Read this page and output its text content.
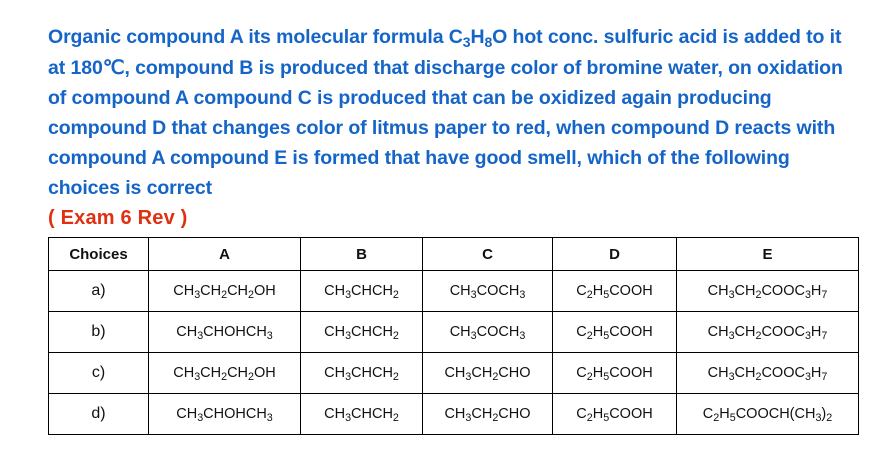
Organic compound A its molecular formula $C_3H_8O$ hot conc. sulfuric acid is added to it at 180℃, compound B is produced that discharge color of bromine water, on oxidation of compound A compound C is produced that can be oxidized again producing compound D that changes color of litmus paper to red, when compound D reacts with compound A compound E is formed that have good smell, which of the following choices is correct

( Exam 6 Rev )

Choices	A	B	C	D	E
a)	$CH_3CH_2CH_2OH$	$CH_3CHCH_2$	$CH_3COCH_3$	$C_2H_5COOH$	$CH_3CH_2COOC_3H_7$
b)	$CH_3CHOHCH_3$	$CH_3CHCH_2$	$CH_3COCH_3$	$C_2H_5COOH$	$CH_3CH_2COOC_3H_7$
c)	$CH_3CH_2CH_2OH$	$CH_3CHCH_2$	$CH_3CH_2CHO$	$C_2H_5COOH$	$CH_3CH_2COOC_3H_7$
d)	$CH_3CHOHCH_3$	$CH_3CHCH_2$	$CH_3CH_2CHO$	$C_2H_5COOH$	$C_2H_5COOCH(CH_3)_2$
